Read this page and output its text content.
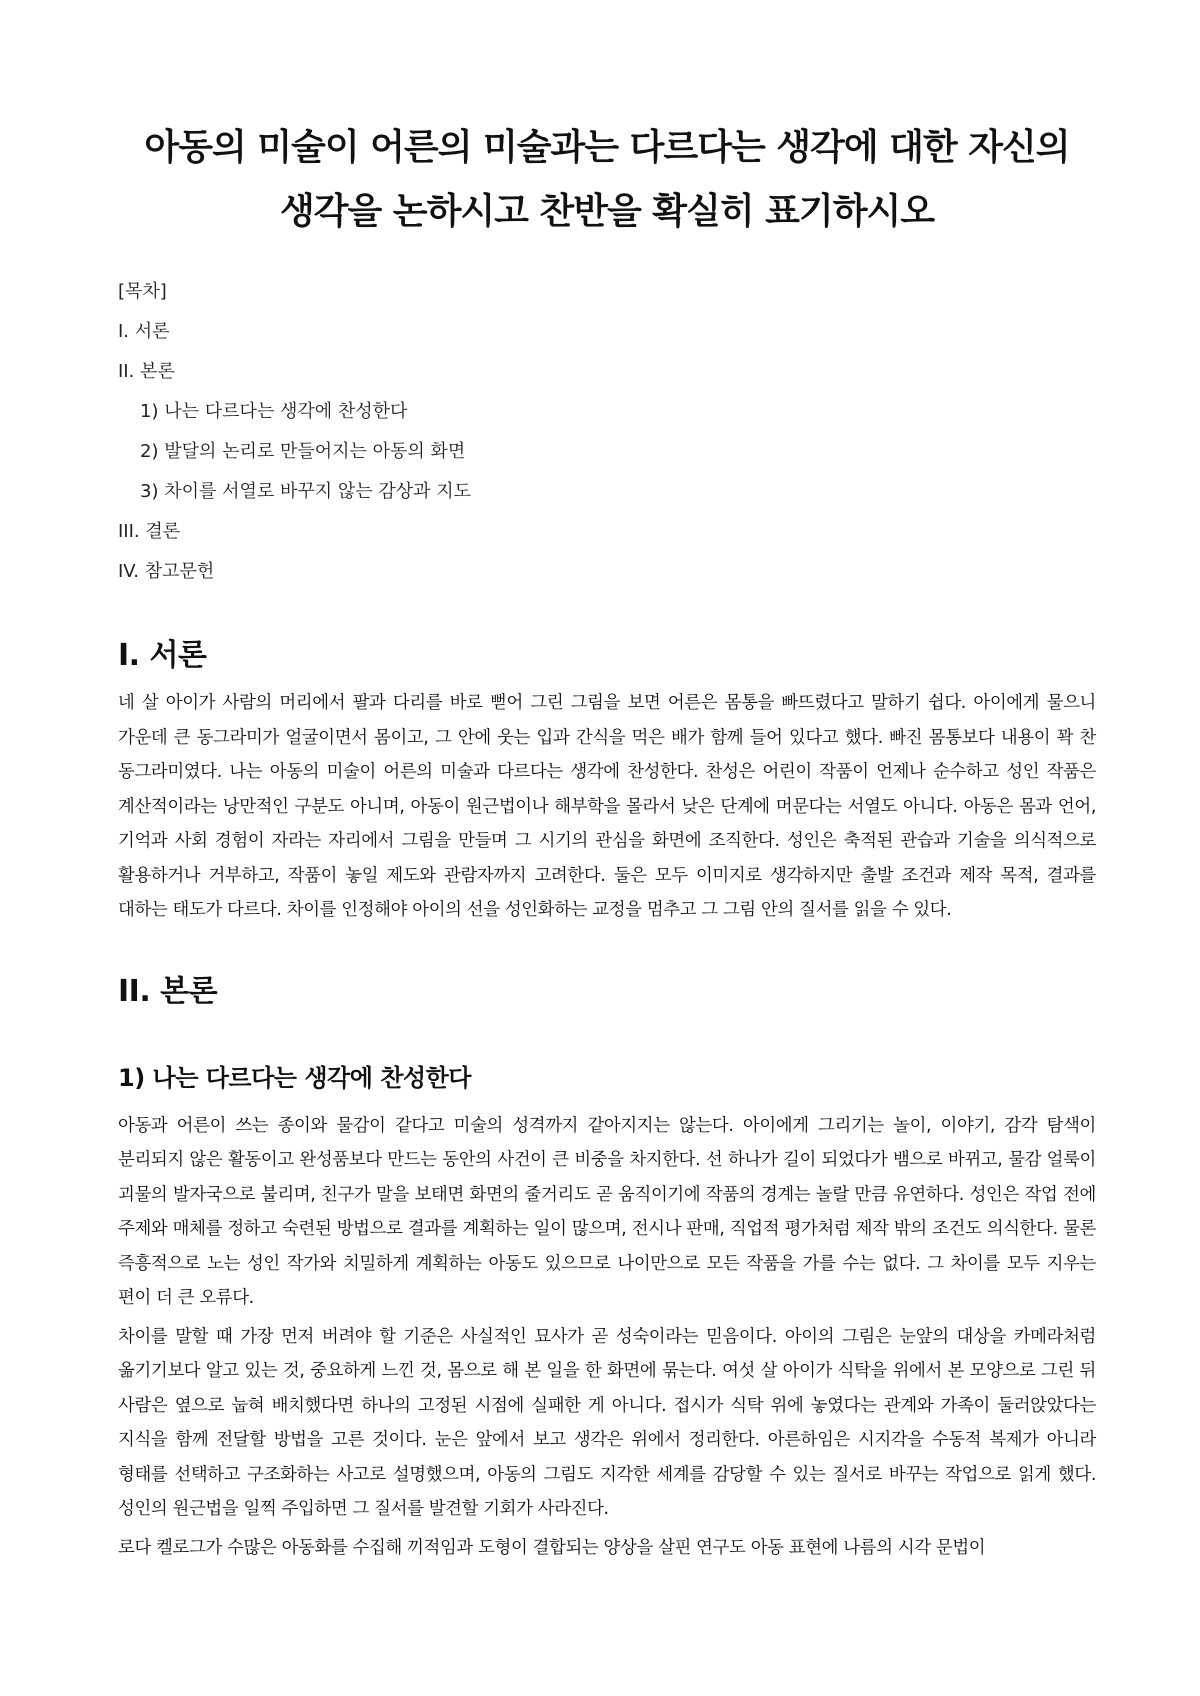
아동의 미술이 어른의 미술과는 다르다는 생각에 대한 자신의
생각을 논하시고 찬반을 확실히 표기하시오
[목차]
I. 서론
II. 본론
1) 나는 다르다는 생각에 찬성한다
2) 발달의 논리로 만들어지는 아동의 화면
3) 차이를 서열로 바꾸지 않는 감상과 지도
III. 결론
IV. 참고문헌
I. 서론

네 살 아이가 사람의 머리에서 팔과 다리를 바로 뻗어 그린 그림을 보면 어른은 몸통을 빠뜨렸다고 말하기 쉽다. 아이에게 물으니 가운데 큰 동그라미가 얼굴이면서 몸이고, 그 안에 웃는 입과 간식을 먹은 배가 함께 들어 있다고 했다. 빠진 몸통보다 내용이 꽉 찬 동그라미였다. 나는 아동의 미술이 어른의 미술과 다르다는 생각에 찬성한다. 찬성은 어린이 작품이 언제나 순수하고 성인 작품은 계산적이라는 낭만적인 구분도 아니며, 아동이 원근법이나 해부학을 몰라서 낮은 단계에 머문다는 서열도 아니다. 아동은 몸과 언어, 기억과 사회 경험이 자라는 자리에서 그림을 만들며 그 시기의 관심을 화면에 조직한다. 성인은 축적된 관습과 기술을 의식적으로 활용하거나 거부하고, 작품이 놓일 제도와 관람자까지 고려한다. 둘은 모두 이미지로 생각하지만 출발 조건과 제작 목적, 결과를 대하는 태도가 다르다. 차이를 인정해야 아이의 선을 성인화하는 교정을 멈추고 그 그림 안의 질서를 읽을 수 있다.

II. 본론
1) 나는 다르다는 생각에 찬성한다

아동과 어른이 쓰는 종이와 물감이 같다고 미술의 성격까지 같아지지는 않는다. 아이에게 그리기는 놀이, 이야기, 감각 탐색이 분리되지 않은 활동이고 완성품보다 만드는 동안의 사건이 큰 비중을 차지한다. 선 하나가 길이 되었다가 뱀으로 바뀌고, 물감 얼룩이 괴물의 발자국으로 불리며, 친구가 말을 보태면 화면의 줄거리도 곧 움직이기에 작품의 경계는 놀랄 만큼 유연하다. 성인은 작업 전에 주제와 매체를 정하고 숙련된 방법으로 결과를 계획하는 일이 많으며, 전시나 판매, 직업적 평가처럼 제작 밖의 조건도 의식한다. 물론 즉흥적으로 노는 성인 작가와 치밀하게 계획하는 아동도 있으므로 나이만으로 모든 작품을 가를 수는 없다. 그 차이를 모두 지우는 편이 더 큰 오류다.

차이를 말할 때 가장 먼저 버려야 할 기준은 사실적인 묘사가 곧 성숙이라는 믿음이다. 아이의 그림은 눈앞의 대상을 카메라처럼 옮기기보다 알고 있는 것, 중요하게 느낀 것, 몸으로 해 본 일을 한 화면에 묶는다. 여섯 살 아이가 식탁을 위에서 본 모양으로 그린 뒤 사람은 옆으로 눕혀 배치했다면 하나의 고정된 시점에 실패한 게 아니다. 접시가 식탁 위에 놓였다는 관계와 가족이 둘러앉았다는 지식을 함께 전달할 방법을 고른 것이다. 눈은 앞에서 보고 생각은 위에서 정리한다. 아른하임은 시지각을 수동적 복제가 아니라 형태를 선택하고 구조화하는 사고로 설명했으며, 아동의 그림도 지각한 세계를 감당할 수 있는 질서로 바꾸는 작업으로 읽게 했다. 성인의 원근법을 일찍 주입하면 그 질서를 발견할 기회가 사라진다.

로다 켈로그가 수많은 아동화를 수집해 끼적임과 도형이 결합되는 양상을 살핀 연구도 아동 표현에 나름의 시각 문법이
